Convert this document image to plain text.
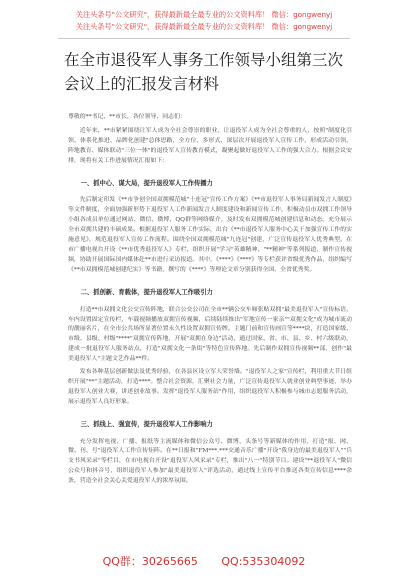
关注头条号"公文研究"，获得最新最全最专业的公文资料库！ 微信：gongwenyj
关注头条号"公文研究"，获得最新最全最专业的公文资料库！ 微信：gongwenyj
在全市退役军人事务工作领导小组第三次会议上的汇报发言材料

尊敬的**书记、**市长，各位领导、同志们：

近年来，**市紧紧围绕让军人成为全社会尊崇的职业、让退役军人成为全社会尊重的人，按照"制度化引领、体系化推进、品牌化创建"总体思路，全方位、多形式、深层次开展退役军人宣传工作，形成活动引领、阵地教育、媒体联动"三位一体"的退役军人宣传教育模式，凝聚起做好退役军人工作的强大合力。根据会议安排，现将有关工作进展情况汇报如下：

一、抓中心、谋大局，提升退役军人工作传播力

先后制定印发《**市争创全国双拥模范城"十连冠"宣传工作方案》《**市退役军人事务局新闻发言人制度》等文件制度，全面加强新形势下退役军人工作新闻发言人制度建设和新闻宣传工作，积极动员市双拥工作领导小组各成员单位通过网站、微信、微博、QQ群等网络媒介，及时发布双拥模范城创建信息和动态。充分展示全市双拥共建的丰硕成果。根据退役军人服务工作实际，出台《**市退役军人服务中心关于加强宣传工作的实施意见》，规范退役军人宣传工作流程。围绕全国双拥模范城"九连冠"创建，广泛宣传退役军人优秀典型。在市广播电视台开设《**市优秀退役军人》专栏，组织开展"学习"英雄精神、"**精神"等系列报道，制作宣传视频，协助开展国际国内媒体赴**市进行采访报道。其中，《****》《****》等专栏获评省级优秀作品，组织编写《**市双拥模范城创建纪实》等书籍，撰写的《****》等理论文章分别获得全国、全省优秀奖。

二、抓创新、育载体，提升退役军人工作吸引力

打造**市双拥文化公交宣传阵地，联合公交公司在全市**辆公交车厢张贴双拥"最美退役军人"宣传标语，车内设置固定宣传栏，车载视频播放双拥宣传视频，后续陆续推出"军地宣传一家亲""双拥文化"成为城市流动的靓丽名片，在全市公共场所显著位置永久性设置双拥宣传牌。主题门前和宣传画宣等****块，打造国家级、市级、县级、村级"****"双拥宣传阵地，开展"双拥在身边"活动，通过国家、省、市、县、乡、村六级联动，建成一批退役军人服务站点，打造"双拥文化一条街"等特色宣传阵地。先后制作双拥宣传视频**部，创作"最美退役军人"主题文艺作品**件。

发布各种基层创新做法及优秀经验，在各县区设立军人荣誉墙。"退役军人之家"宣传栏，利用重大节日组织开展"**"主题活动，打造****。整合社会资源，汇聚社会力量，广泛宣传退役军人就业创业典型事迹，举办退役军人创业大赛，讲述创业故事。发挥"退役军人服务站"作用，组织退役军人积极参与城市志愿服务活动，展示退役军人良好形象。

三、抓线上、强宣传，提升退役军人工作影响力

充分发挥电视、广播、报纸等主流媒体和微信公众号、微博、头条号等新媒体的作用，打造"报、网、微、刊、号"退役军人工作宣传矩阵。在**日报和"FM***.***交通音乐广播"开设"我身边的最美退役军人""兵支书风采录"等栏目，在市电视台开设"退役军人风采录"专栏，推出"八一"特别节目。建设"**退役军人"微信公众号和抖音号，组织退役军人参加"最美退役军人"评选活动，通过线上宣传平台推送各类宣传信息****余条，营造全社会关心关爱退役军人的浓厚氛围。

QQ群：30265665 QQ:535304092
